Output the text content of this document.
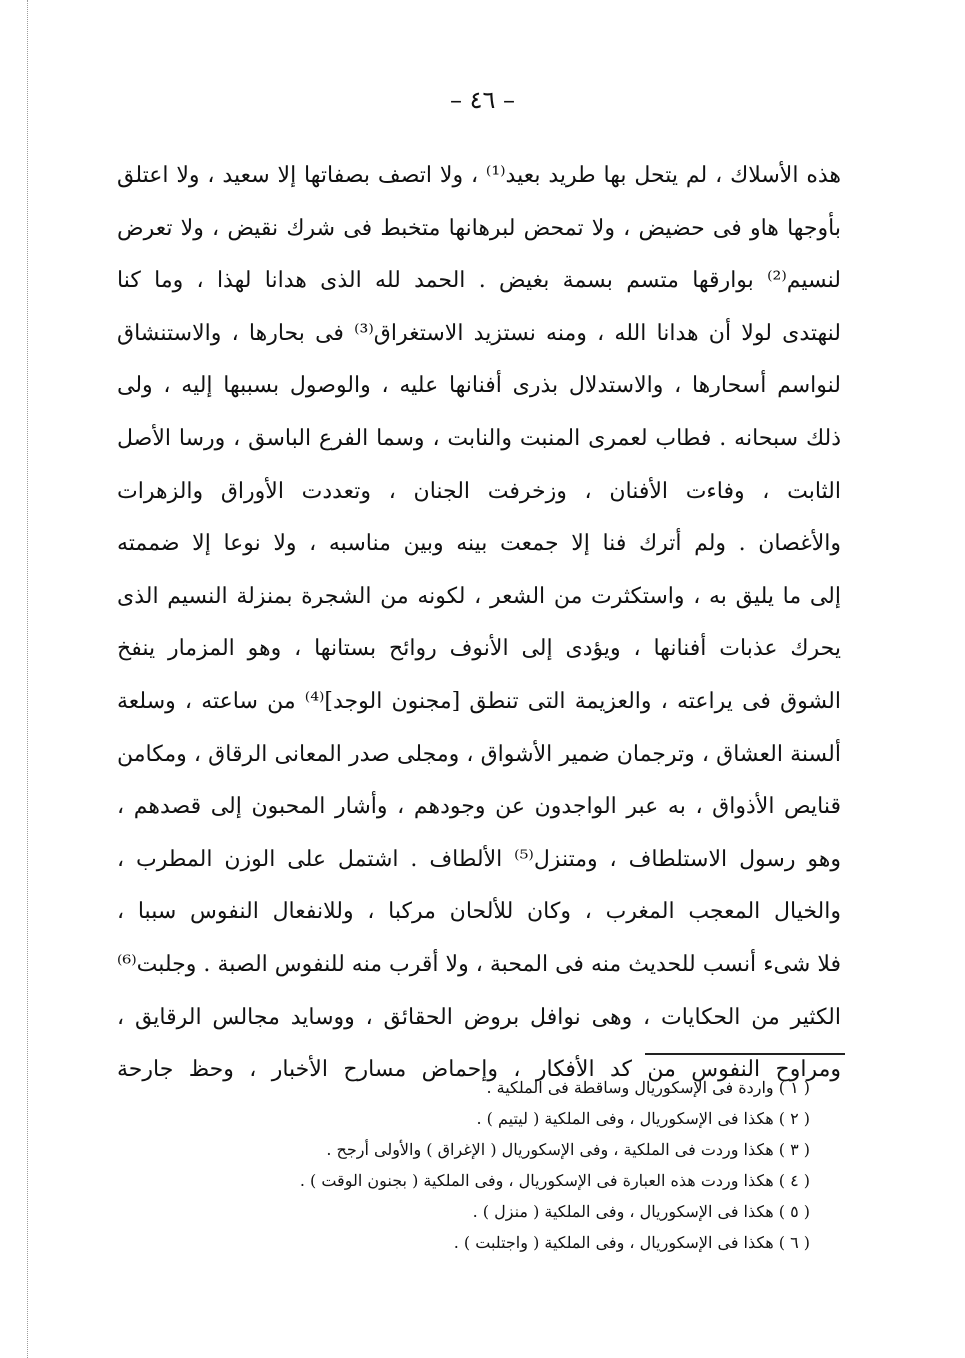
– ٤٦ –
هذه الأسلاك ، لم يتحل بها طريد بعيد⁽¹⁾ ، ولا اتصف بصفاتها إلا سعيد ، ولا اعتلق
بأوجها هاو فى حضيض ، ولا تمحض لبرهانها متخبط فى شرك نقيض ، ولا تعرض
لنسيم⁽²⁾ بوارقها متسم بسمة بغيض . الحمد لله الذى هدانا لهذا ، وما كنا
لنهتدى لولا أن هدانا الله ، ومنه نستزيد الاستغراق⁽³⁾ فى بحارها ، والاستنشاق
لنواسم أسحارها ، والاستدلال بذرى أفنانها عليه ، والوصول بسببها إليه ، ولى
ذلك سبحانه . فطاب لعمرى المنبت والنابت ، وسما الفرع الباسق ، ورسا الأصل
الثابت ، وفاءت الأفنان ، وزخرفت الجنان ، وتعددت الأوراق والزهرات
والأغصان . ولم أترك فنا إلا جمعت بينه وبين مناسبه ، ولا نوعا إلا ضممته
إلى ما يليق به ، واستكثرت من الشعر ، لكونه من الشجرة بمنزلة النسيم الذى
يحرك عذبات أفنانها ، ويؤدى إلى الأنوف روائح بستانها ، وهو المزمار ينفخ
الشوق فى يراعته ، والعزيمة التى تنطق [مجنون الوجد]⁽⁴⁾ من ساعته ، وسلعة
ألسنة العشاق ، وترجمان ضمير الأشواق ، ومجلى صدر المعانى الرقاق ، ومكامن
قنايص الأذواق ، به عبر الواجدون عن وجودهم ، وأشار المحبون إلى قصدهم ،
وهو رسول الاستلطاف ، ومتنزل⁽⁵⁾ الألطاف . اشتمل على الوزن المطرب ،
والخيال المعجب المغرب ، وكان للألحان مركبا ، وللانفعال النفوس سببا ،
فلا شىء أنسب للحديث منه فى المحبة ، ولا أقرب منه للنفوس الصبة . وجلبت⁽⁶⁾
الكثير من الحكايات ، وهى نوافل بروض الحقائق ، ووسايد مجالس الرقايق ،
ومراوح النفوس من كد الأفكار ، وإحماض مسارح الأخبار ، وحظ جارحة
( ١ ) واردة فى الإسكوريال وساقطة فى الملكية .
( ٢ ) هكذا فى الإسكوريال ، وفى الملكية ( ليتيم ) .
( ٣ ) هكذا وردت فى الملكية ، وفى الإسكوريال ( الإغراق ) والأولى أرجح .
( ٤ ) هكذا وردت هذه العبارة فى الإسكوريال ، وفى الملكية ( بجنون الوقت ) .
( ٥ ) هكذا فى الإسكوريال ، وفى الملكية ( منزل ) .
( ٦ ) هكذا فى الإسكوريال ، وفى الملكية ( واجتلبت ) .
